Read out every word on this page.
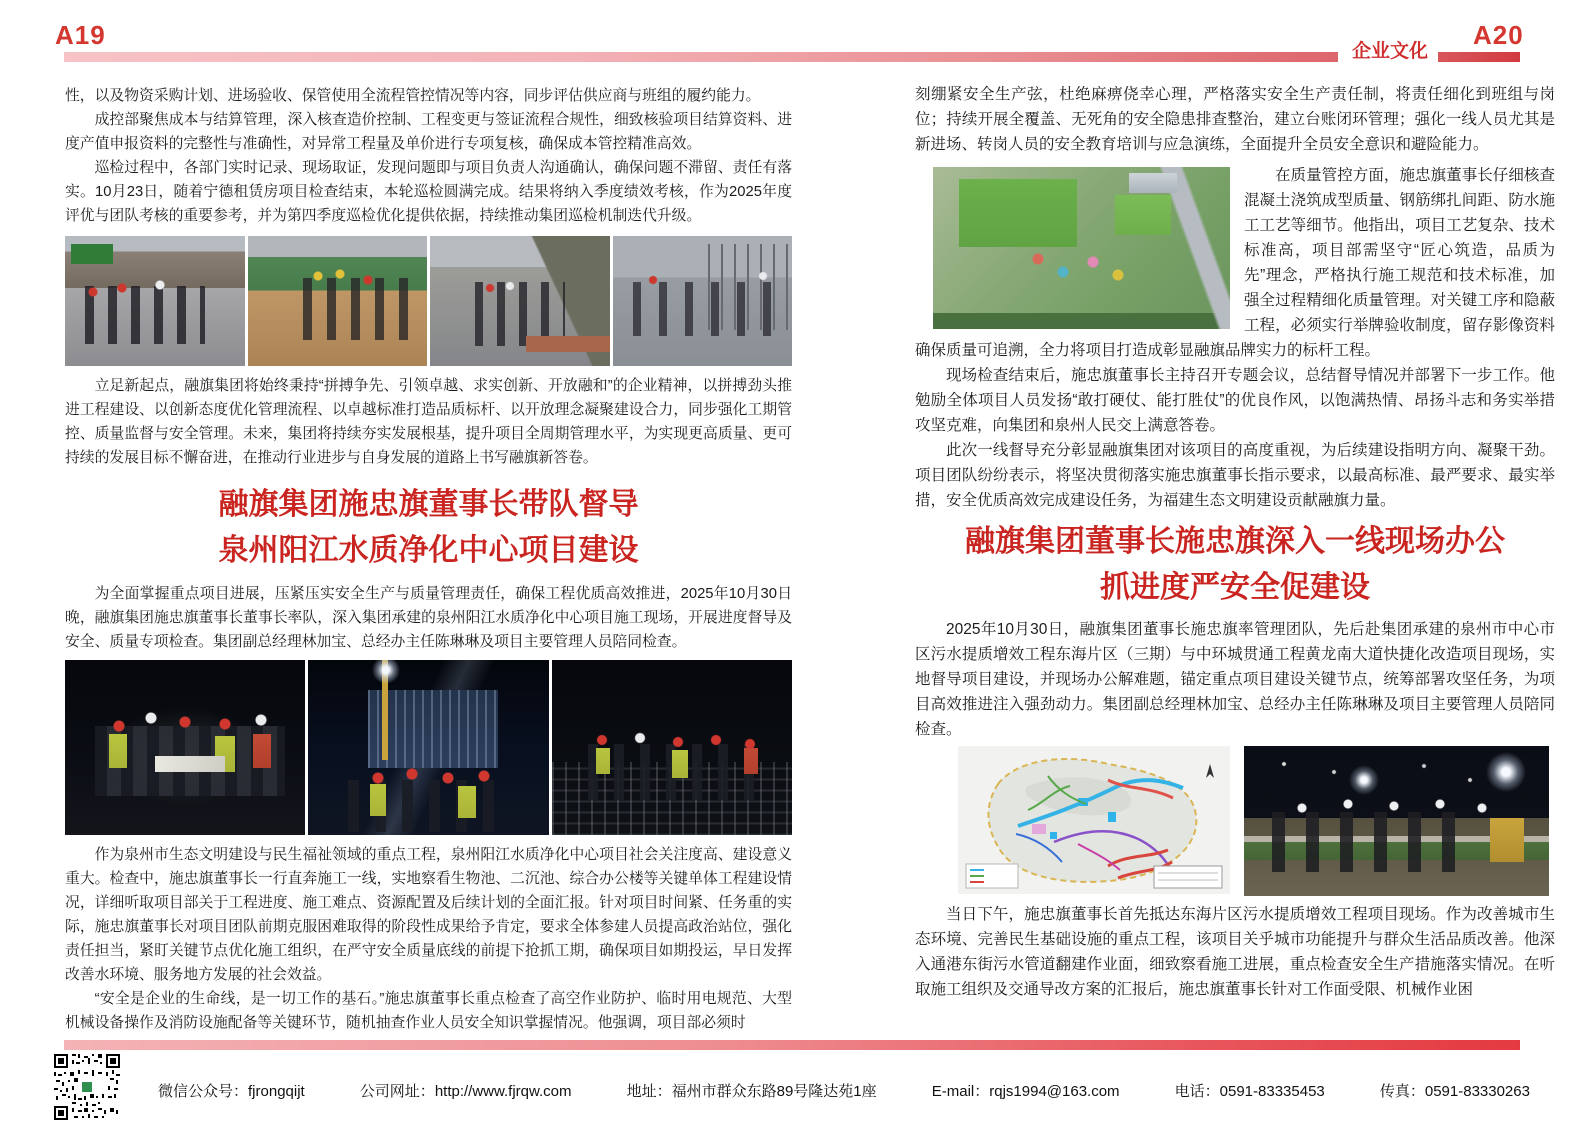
A19
企业文化
A20

性，以及物资采购计划、进场验收、保管使用全流程管控情况等内容，同步评估供应商与班组的履约能力。

成控部聚焦成本与结算管理，深入核查造价控制、工程变更与签证流程合规性，细致核验项目结算资料、进度产值申报资料的完整性与准确性，对异常工程量及单价进行专项复核，确保成本管控精准高效。

巡检过程中，各部门实时记录、现场取证，发现问题即与项目负责人沟通确认，确保问题不滞留、责任有落实。10月23日，随着宁德租赁房项目检查结束，本轮巡检圆满完成。结果将纳入季度绩效考核，作为2025年度评优与团队考核的重要参考，并为第四季度巡检优化提供依据，持续推动集团巡检机制迭代升级。

立足新起点，融旗集团将始终秉持“拼搏争先、引领卓越、求实创新、开放融和”的企业精神，以拼搏劲头推进工程建设、以创新态度优化管理流程、以卓越标准打造品质标杆、以开放理念凝聚建设合力，同步强化工期管控、质量监督与安全管理。未来，集团将持续夯实发展根基，提升项目全周期管理水平，为实现更高质量、更可持续的发展目标不懈奋进，在推动行业进步与自身发展的道路上书写融旗新答卷。

融旗集团施忠旗董事长带队督导
泉州阳江水质净化中心项目建设

为全面掌握重点项目进展，压紧压实安全生产与质量管理责任，确保工程优质高效推进，2025年10月30日晚，融旗集团施忠旗董事长董事长率队，深入集团承建的泉州阳江水质净化中心项目施工现场，开展进度督导及安全、质量专项检查。集团副总经理林加宝、总经办主任陈琳琳及项目主要管理人员陪同检查。

作为泉州市生态文明建设与民生福祉领域的重点工程，泉州阳江水质净化中心项目社会关注度高、建设意义重大。检查中，施忠旗董事长一行直奔施工一线，实地察看生物池、二沉池、综合办公楼等关键单体工程建设情况，详细听取项目部关于工程进度、施工难点、资源配置及后续计划的全面汇报。针对项目时间紧、任务重的实际，施忠旗董事长对项目团队前期克服困难取得的阶段性成果给予肯定，要求全体参建人员提高政治站位，强化责任担当，紧盯关键节点优化施工组织，在严守安全质量底线的前提下抢抓工期，确保项目如期投运，早日发挥改善水环境、服务地方发展的社会效益。

“安全是企业的生命线，是一切工作的基石。”施忠旗董事长重点检查了高空作业防护、临时用电规范、大型机械设备操作及消防设施配备等关键环节，随机抽查作业人员安全知识掌握情况。他强调，项目部必须时

刻绷紧安全生产弦，杜绝麻痹侥幸心理，严格落实安全生产责任制，将责任细化到班组与岗位；持续开展全覆盖、无死角的安全隐患排查整治，建立台账闭环管理；强化一线人员尤其是新进场、转岗人员的安全教育培训与应急演练，全面提升全员安全意识和避险能力。

在质量管控方面，施忠旗董事长仔细核查混凝土浇筑成型质量、钢筋绑扎间距、防水施工工艺等细节。他指出，项目工艺复杂、技术标准高，项目部需坚守“匠心筑造，品质为先”理念，严格执行施工规范和技术标准，加强全过程精细化质量管理。对关键工序和隐蔽工程，必须实行举牌验收制度，留存影像资料确保质量可追溯，全力将项目打造成彰显融旗品牌实力的标杆工程。

现场检查结束后，施忠旗董事长主持召开专题会议，总结督导情况并部署下一步工作。他勉励全体项目人员发扬“敢打硬仗、能打胜仗”的优良作风，以饱满热情、昂扬斗志和务实举措攻坚克难，向集团和泉州人民交上满意答卷。

此次一线督导充分彰显融旗集团对该项目的高度重视，为后续建设指明方向、凝聚干劲。项目团队纷纷表示，将坚决贯彻落实施忠旗董事长指示要求，以最高标准、最严要求、最实举措，安全优质高效完成建设任务，为福建生态文明建设贡献融旗力量。

融旗集团董事长施忠旗深入一线现场办公
抓进度严安全促建设

2025年10月30日，融旗集团董事长施忠旗率管理团队，先后赴集团承建的泉州市中心市区污水提质增效工程东海片区（三期）与中环城贯通工程黄龙南大道快捷化改造项目现场，实地督导项目建设，并现场办公解难题，锚定重点项目建设关键节点，统筹部署攻坚任务，为项目高效推进注入强劲动力。集团副总经理林加宝、总经办主任陈琳琳及项目主要管理人员陪同检查。

当日下午，施忠旗董事长首先抵达东海片区污水提质增效工程项目现场。作为改善城市生态环境、完善民生基础设施的重点工程，该项目关乎城市功能提升与群众生活品质改善。他深入通港东街污水管道翻建作业面，细致察看施工进展，重点检查安全生产措施落实情况。在听取施工组织及交通导改方案的汇报后，施忠旗董事长针对工作面受限、机械作业困

微信公众号：fjrongqijt	公司网址：http://www.fjrqw.com	地址：福州市群众东路89号隆达苑1座	E-mail：rqjs1994@163.com	电话：0591-83335453	传真：0591-83330263
